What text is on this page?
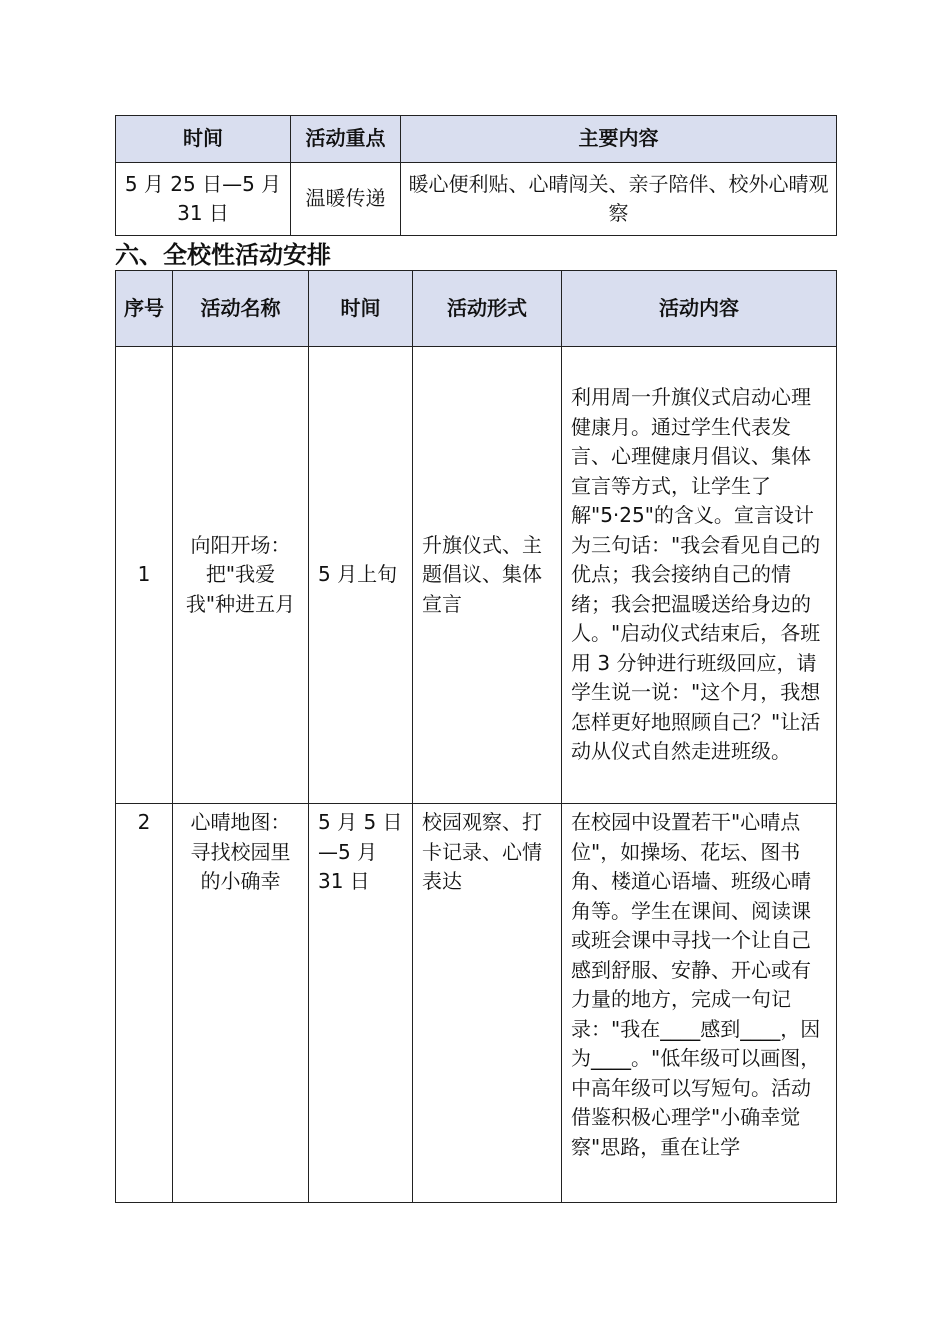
时间	活动重点	主要内容
5 月 25 日—5 月 31 日	温暖传递	暖心便利贴、心晴闯关、亲子陪伴、校外心晴观察
六、全校性活动安排
序号	活动名称	时间	活动形式	活动内容
1	向阳开场：把"我爱我"种进五月	5 月上旬	升旗仪式、主题倡议、集体宣言	利用周一升旗仪式启动心理健康月。通过学生代表发言、心理健康月倡议、集体宣言等方式，让学生了解"5·25"的含义。宣言设计为三句话："我会看见自己的优点；我会接纳自己的情绪；我会把温暖送给身边的人。"启动仪式结束后，各班用 3 分钟进行班级回应，请学生说一说："这个月，我想怎样更好地照顾自己？"让活动从仪式自然走进班级。
2	心晴地图：寻找校园里的小确幸	5 月 5 日—5 月 31 日	校园观察、打卡记录、心情表达	在校园中设置若干"心晴点位"，如操场、花坛、图书角、楼道心语墙、班级心晴角等。学生在课间、阅读课或班会课中寻找一个让自己感到舒服、安静、开心或有力量的地方，完成一句记录："我在____感到____，因为____。"低年级可以画图，中高年级可以写短句。活动借鉴积极心理学"小确幸觉察"思路，重在让学
